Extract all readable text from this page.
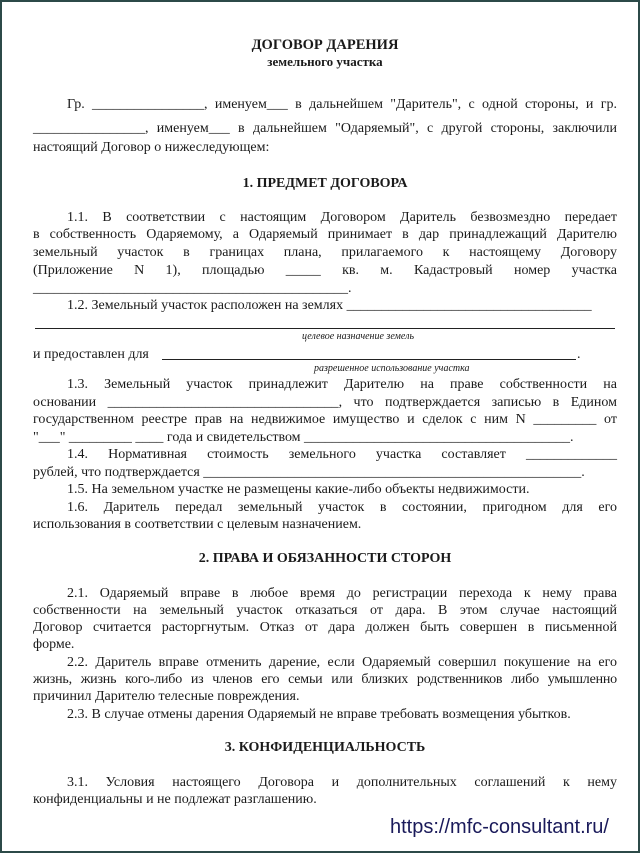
ДОГОВОР ДАРЕНИЯ
земельного участка
Гр. ________________, именуем___ в дальнейшем "Даритель", с одной стороны, и гр.
________________, именуем___ в дальнейшем "Одаряемый", с другой стороны, заключили
настоящий Договор о нижеследующем:
1. ПРЕДМЕТ ДОГОВОРА
1.1. В соответствии с настоящим Договором Даритель безвозмездно передает
в собственность Одаряемому, а Одаряемый принимает в дар принадлежащий Дарителю
земельный участок в границах плана, прилагаемого к настоящему Договору
(Приложение N 1), площадью _____ кв. м. Кадастровый номер участка
_____________________________________________.
1.2. Земельный участок расположен на землях ___________________________________
целевое назначение земель
и предоставлен для	.
разрешенное использование участка
1.3. Земельный участок принадлежит Дарителю на праве собственности на
основании _________________________________, что подтверждается записью в Едином
государственном реестре прав на недвижимое имущество и сделок с ним N _________ от
"___" _________ ____ года и свидетельством ______________________________________.
1.4. Нормативная стоимость земельного участка составляет _____________
рублей, что подтверждается ______________________________________________________.
1.5. На земельном участке не размещены какие-либо объекты недвижимости.
1.6. Даритель передал земельный участок в состоянии, пригодном для его
использования в соответствии с целевым назначением.
2. ПРАВА И ОБЯЗАННОСТИ СТОРОН
2.1. Одаряемый вправе в любое время до регистрации перехода к нему права
собственности на земельный участок отказаться от дара. В этом случае настоящий
Договор считается расторгнутым. Отказ от дара должен быть совершен в письменной
форме.
2.2. Даритель вправе отменить дарение, если Одаряемый совершил покушение на его
жизнь, жизнь кого-либо из членов его семьи или близких родственников либо умышленно
причинил Дарителю телесные повреждения.
2.3. В случае отмены дарения Одаряемый не вправе требовать возмещения убытков.
3. КОНФИДЕНЦИАЛЬНОСТЬ
3.1. Условия настоящего Договора и дополнительных соглашений к нему
конфиденциальны и не подлежат разглашению.
https://mfc-consultant.ru/
